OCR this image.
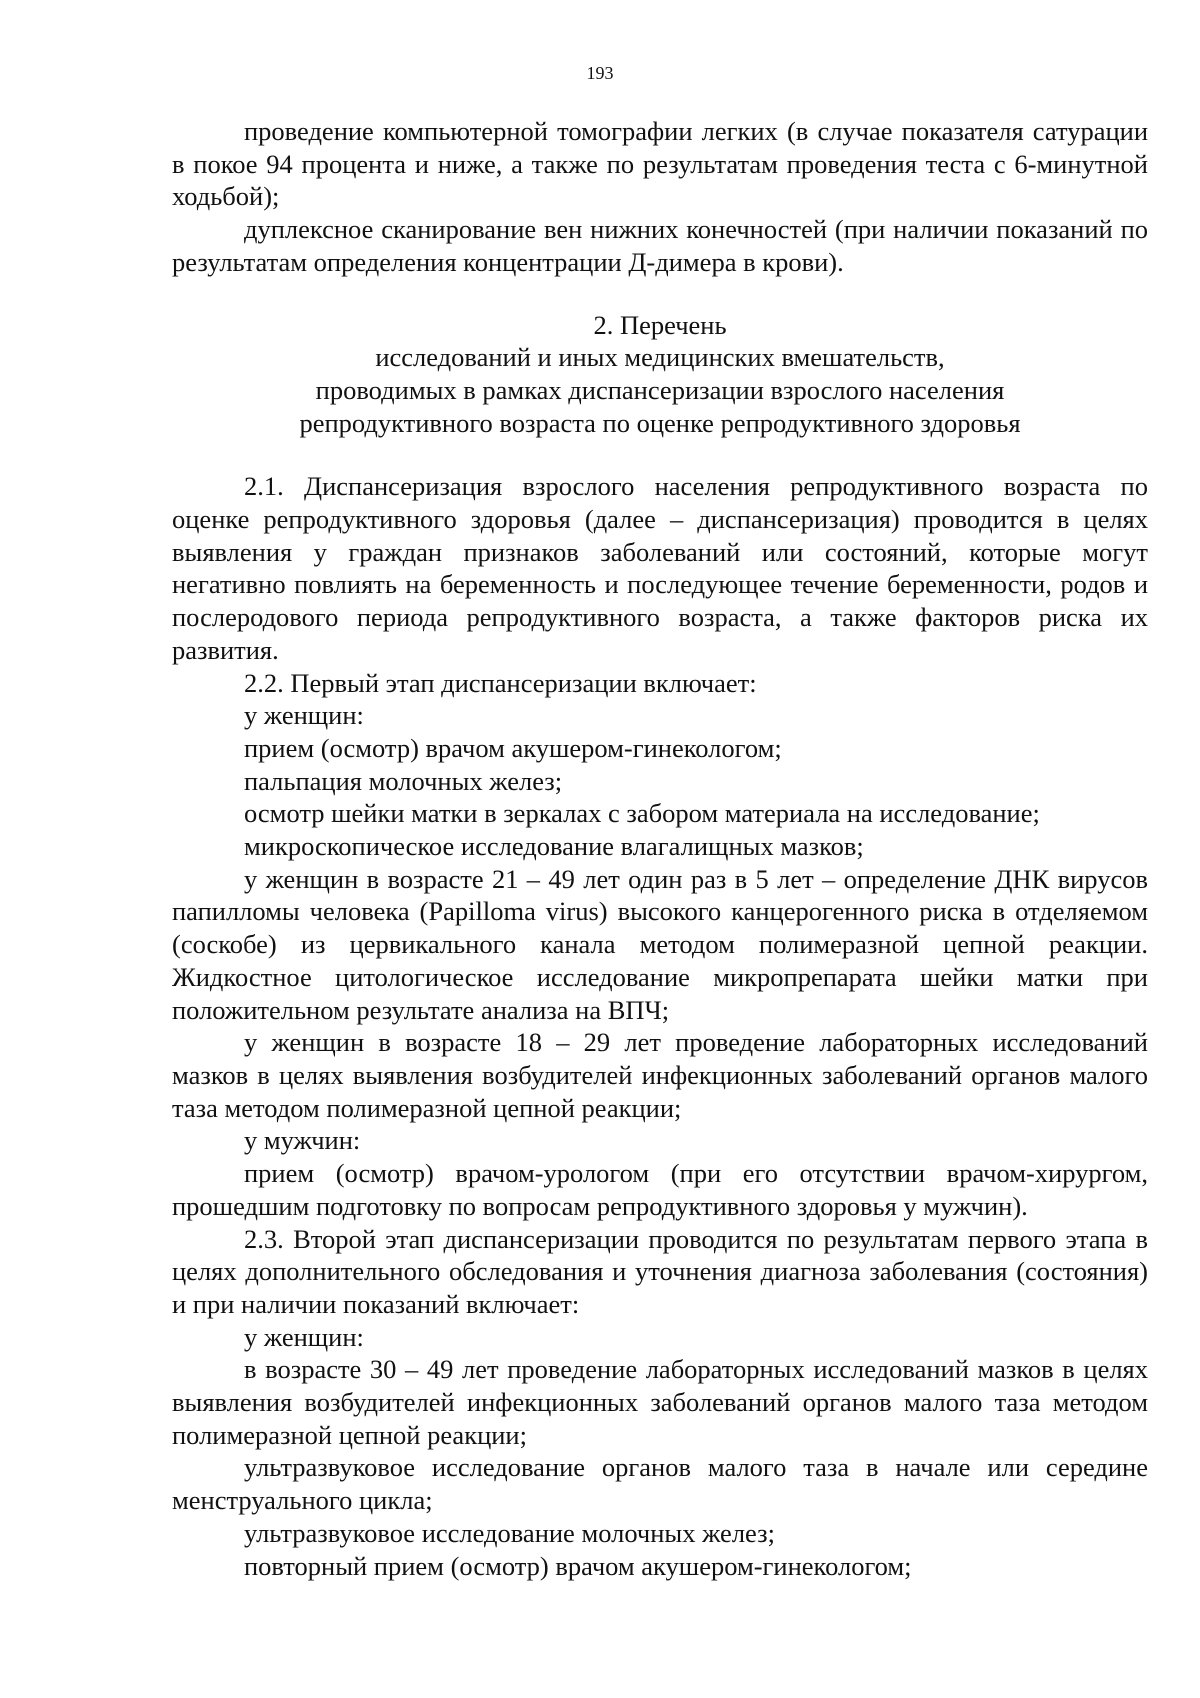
193

проведение компьютерной томографии легких (в случае показателя сатурации в покое 94 процента и ниже, а также по результатам проведения теста с 6-минутной ходьбой);

дуплексное сканирование вен нижних конечностей (при наличии показаний по результатам определения концентрации Д-димера в крови).

2. Перечень

исследований и иных медицинских вмешательств,

проводимых в рамках диспансеризации взрослого населения

репродуктивного возраста по оценке репродуктивного здоровья

2.1. Диспансеризация взрослого населения репродуктивного возраста по оценке репродуктивного здоровья (далее – диспансеризация) проводится в целях выявления у граждан признаков заболеваний или состояний, которые могут негативно повлиять на беременность и последующее течение беременности, родов и послеродового периода репродуктивного возраста, а также факторов риска их развития.

2.2. Первый этап диспансеризации включает:

у женщин:

прием (осмотр) врачом акушером-гинекологом;

пальпация молочных желез;

осмотр шейки матки в зеркалах с забором материала на исследование;

микроскопическое исследование влагалищных мазков;

у женщин в возрасте 21 – 49 лет один раз в 5 лет – определение ДНК вирусов папилломы человека (Papilloma virus) высокого канцерогенного риска в отделяемом (соскобе) из цервикального канала методом полимеразной цепной реакции. Жидкостное цитологическое исследование микропрепарата шейки матки при положительном результате анализа на ВПЧ;

у женщин в возрасте 18 – 29 лет проведение лабораторных исследований мазков в целях выявления возбудителей инфекционных заболеваний органов малого таза методом полимеразной цепной реакции;

у мужчин:

прием (осмотр) врачом-урологом (при его отсутствии врачом-хирургом, прошедшим подготовку по вопросам репродуктивного здоровья у мужчин).

2.3. Второй этап диспансеризации проводится по результатам первого этапа в целях дополнительного обследования и уточнения диагноза заболевания (состояния) и при наличии показаний включает:

у женщин:

в возрасте 30 – 49 лет проведение лабораторных исследований мазков в целях выявления возбудителей инфекционных заболеваний органов малого таза методом полимеразной цепной реакции;

ультразвуковое исследование органов малого таза в начале или середине менструального цикла;

ультразвуковое исследование молочных желез;

повторный прием (осмотр) врачом акушером-гинекологом;
